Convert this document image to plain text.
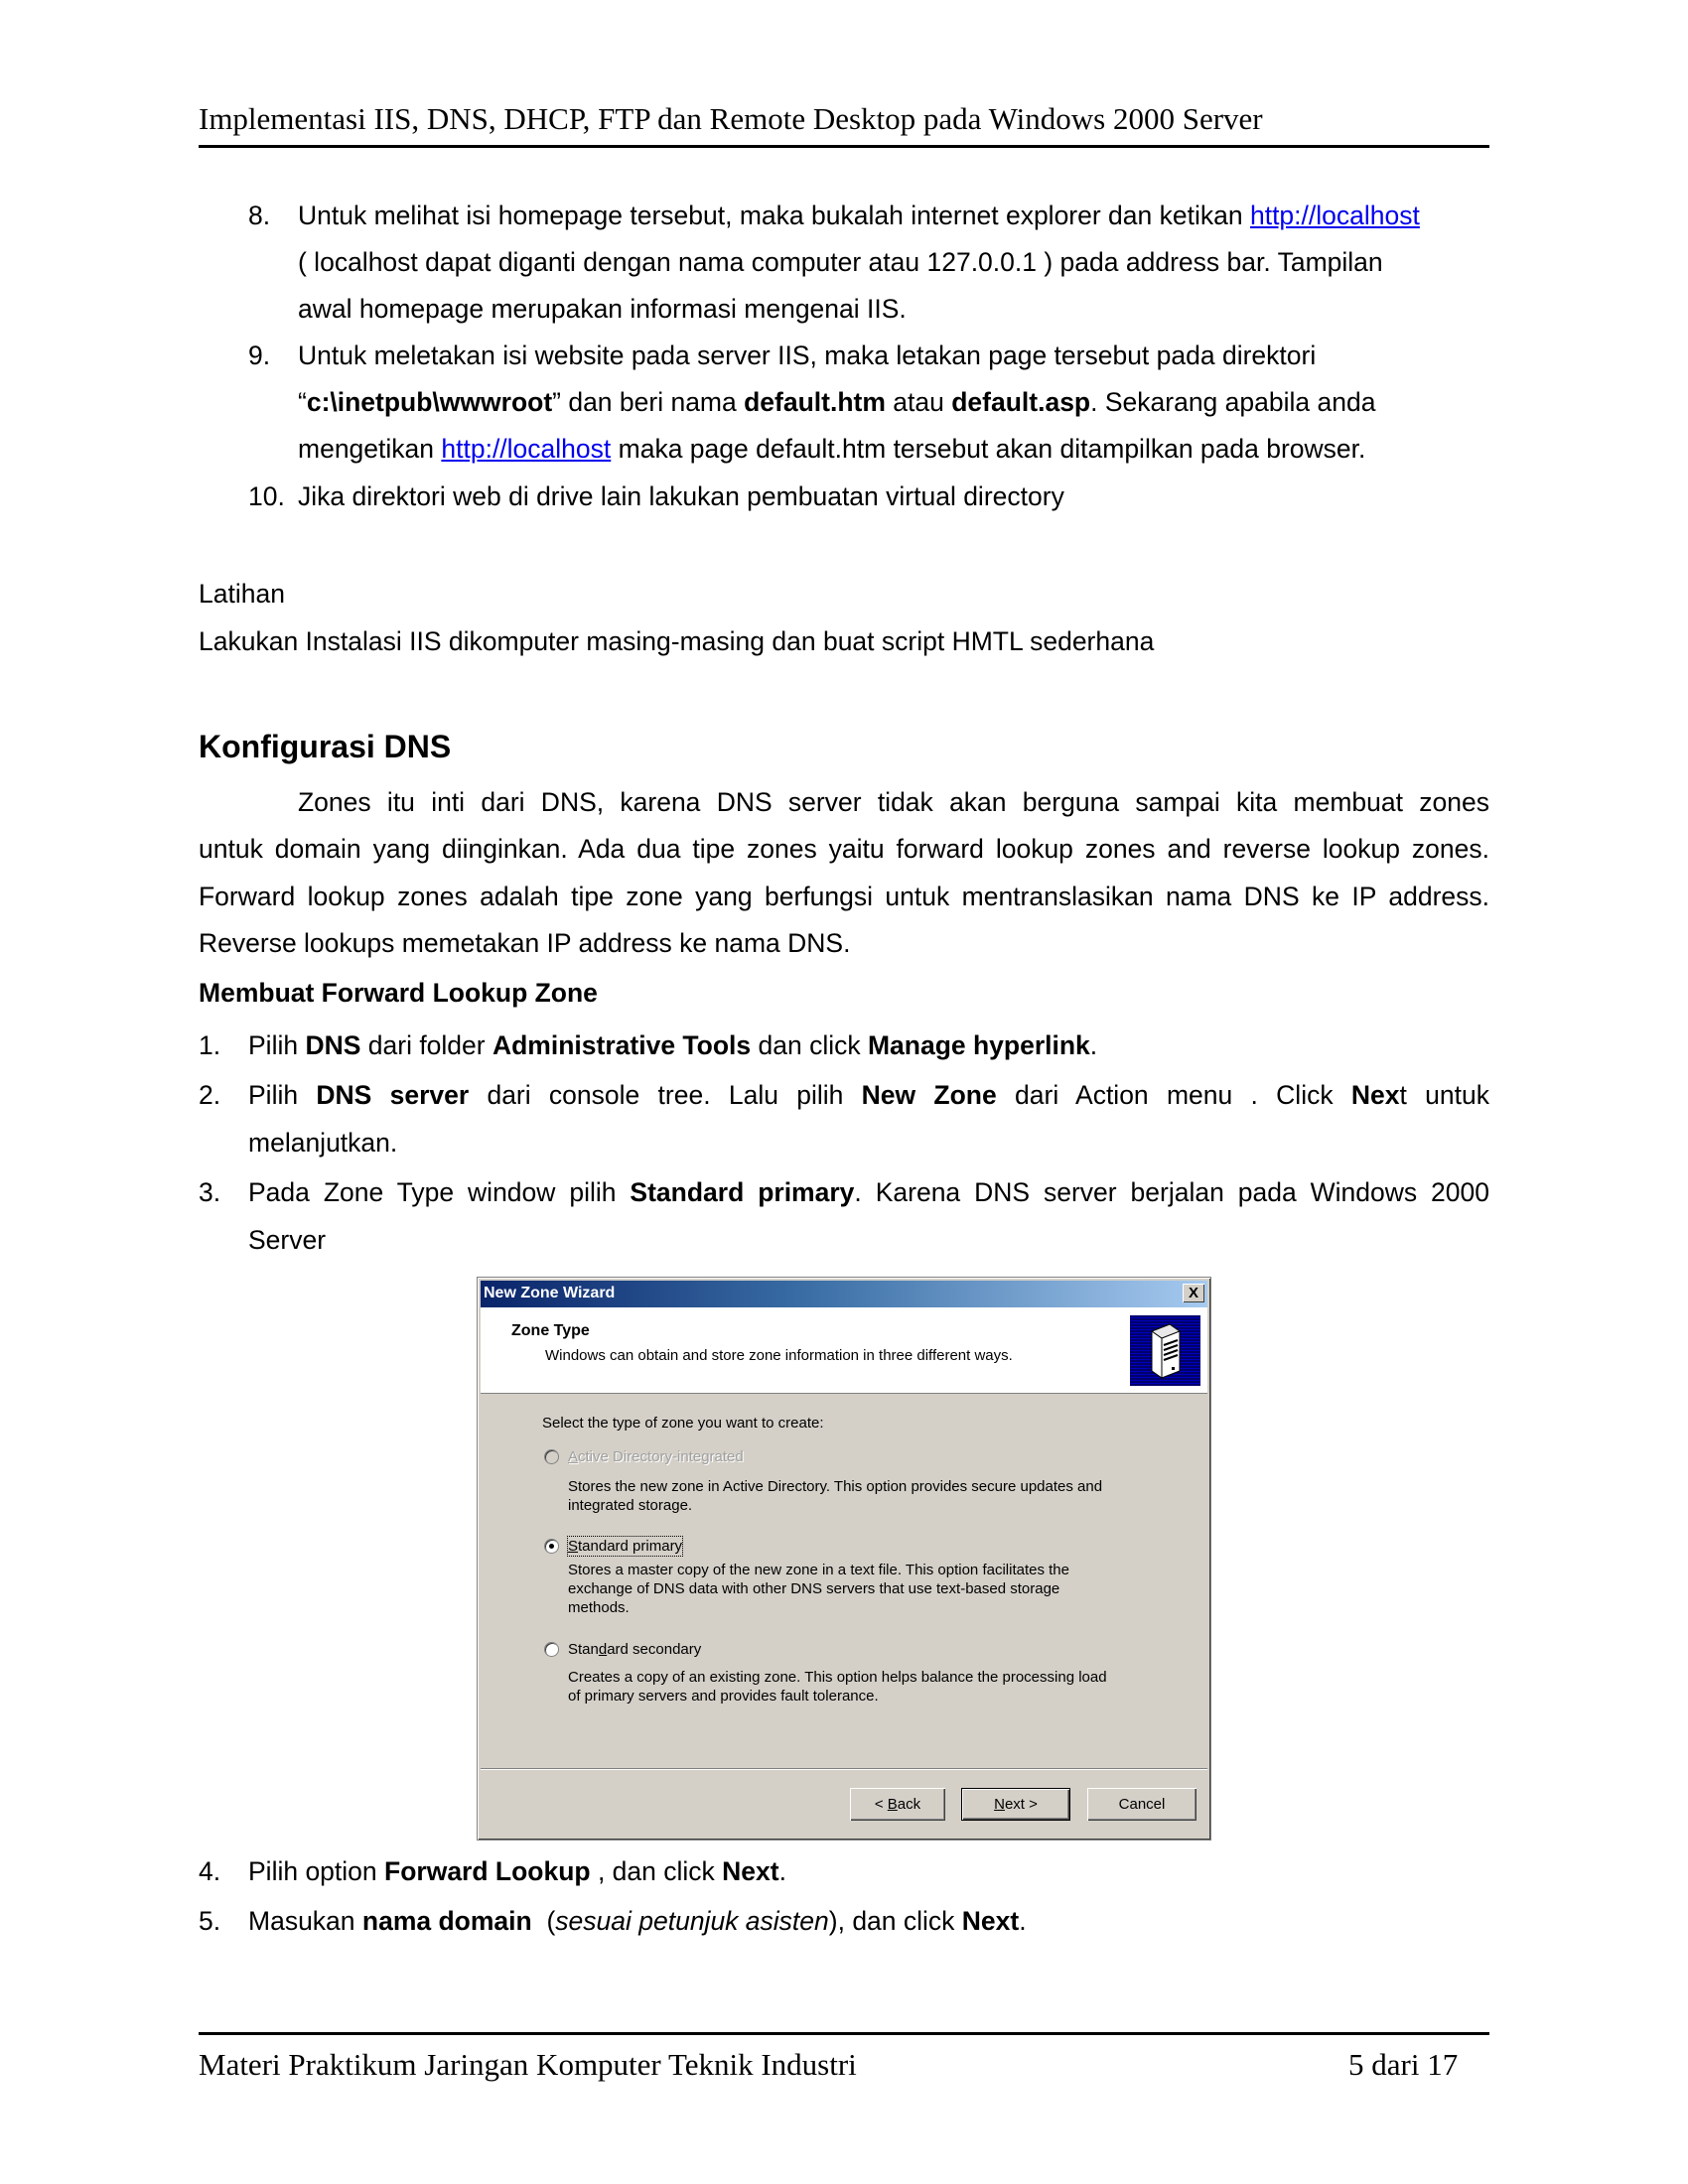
Implementasi IIS, DNS, DHCP, FTP dan Remote Desktop pada Windows 2000 Server
8. Untuk melihat isi homepage tersebut, maka bukalah internet explorer dan ketikan http://localhost
( localhost dapat diganti dengan nama computer atau 127.0.0.1 ) pada address bar. Tampilan
awal homepage merupakan informasi mengenai IIS.
9. Untuk meletakan isi website pada server IIS, maka letakan page tersebut pada direktori
“c:\inetpub\wwwroot” dan beri nama default.htm atau default.asp. Sekarang apabila anda
mengetikan http://localhost maka page default.htm tersebut akan ditampilkan pada browser.
10. Jika direktori web di drive lain lakukan pembuatan virtual directory
Latihan
Lakukan Instalasi IIS dikomputer masing-masing dan buat script HMTL sederhana
Konfigurasi DNS
Zones itu inti dari DNS, karena DNS server tidak akan berguna sampai kita membuat zones
untuk domain yang diinginkan. Ada dua tipe zones yaitu forward lookup zones and reverse lookup zones.
Forward lookup zones adalah tipe zone yang berfungsi untuk mentranslasikan nama DNS ke IP address.
Reverse lookups memetakan IP address ke nama DNS.
Membuat Forward Lookup Zone
1. Pilih DNS dari folder Administrative Tools dan click Manage hyperlink.
2. Pilih DNS server dari console tree. Lalu pilih New Zone dari Action menu . Click Next untuk
melanjutkan.
3. Pada Zone Type window pilih Standard primary. Karena DNS server berjalan pada Windows 2000
Server
New Zone Wizard	X
Zone Type
Windows can obtain and store zone information in three different ways.
Select the type of zone you want to create:
Active Directory-integrated
Stores the new zone in Active Directory. This option provides secure updates and
integrated storage.
Standard primary
Stores a master copy of the new zone in a text file. This option facilitates the
exchange of DNS data with other DNS servers that use text-based storage
methods.
Standard secondary
Creates a copy of an existing zone. This option helps balance the processing load
of primary servers and provides fault tolerance.
< Back	Next >	Cancel
4. Pilih option Forward Lookup , dan click Next.
5. Masukan nama domain  (sesuai petunjuk asisten), dan click Next.
Materi Praktikum Jaringan Komputer Teknik Industri	5 dari 17
